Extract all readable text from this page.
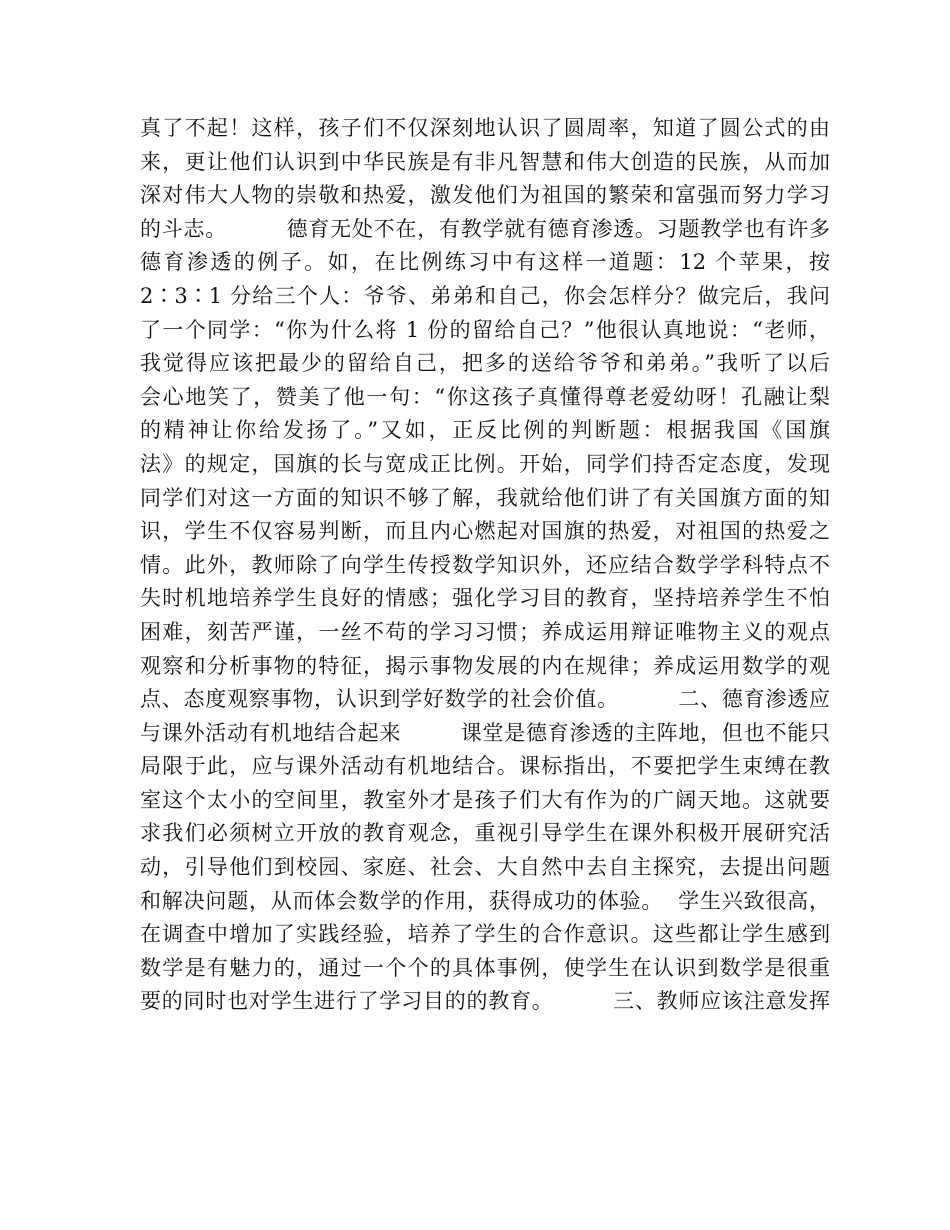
真了不起！这样，孩子们不仅深刻地认识了圆周率，知道了圆公式的由
来，更让他们认识到中华民族是有非凡智慧和伟大创造的民族，从而加
深对伟大人物的崇敬和热爱，激发他们为祖国的繁荣和富强而努力学习
的斗志。        德育无处不在，有教学就有德育渗透。习题教学也有许多
德育渗透的例子。如，在比例练习中有这样一道题：12 个苹果，按
2∶3∶1 分给三个人：爷爷、弟弟和自己，你会怎样分？做完后，我问
了一个同学：“你为什么将 1 份的留给自己？”他很认真地说：“老师，
我觉得应该把最少的留给自己，把多的送给爷爷和弟弟。”我听了以后
会心地笑了，赞美了他一句：“你这孩子真懂得尊老爱幼呀！孔融让梨
的精神让你给发扬了。”又如，正反比例的判断题：根据我国《国旗
法》的规定，国旗的长与宽成正比例。开始，同学们持否定态度，发现
同学们对这一方面的知识不够了解，我就给他们讲了有关国旗方面的知
识，学生不仅容易判断，而且内心燃起对国旗的热爱，对祖国的热爱之
情。此外，教师除了向学生传授数学知识外，还应结合数学学科特点不
失时机地培养学生良好的情感；强化学习目的教育，坚持培养学生不怕
困难，刻苦严谨，一丝不苟的学习习惯；养成运用辩证唯物主义的观点
观察和分析事物的特征，揭示事物发展的内在规律；养成运用数学的观
点、态度观察事物，认识到学好数学的社会价值。        二、德育渗透应
与课外活动有机地结合起来        课堂是德育渗透的主阵地，但也不能只
局限于此，应与课外活动有机地结合。课标指出，不要把学生束缚在教
室这个太小的空间里，教室外才是孩子们大有作为的广阔天地。这就要
求我们必须树立开放的教育观念，重视引导学生在课外积极开展研究活
动，引导他们到校园、家庭、社会、大自然中去自主探究，去提出问题
和解决问题，从而体会数学的作用，获得成功的体验。  学生兴致很高，
在调查中增加了实践经验，培养了学生的合作意识。这些都让学生感到
数学是有魅力的，通过一个个的具体事例，使学生在认识到数学是很重
要的同时也对学生进行了学习目的的教育。        三、教师应该注意发挥
